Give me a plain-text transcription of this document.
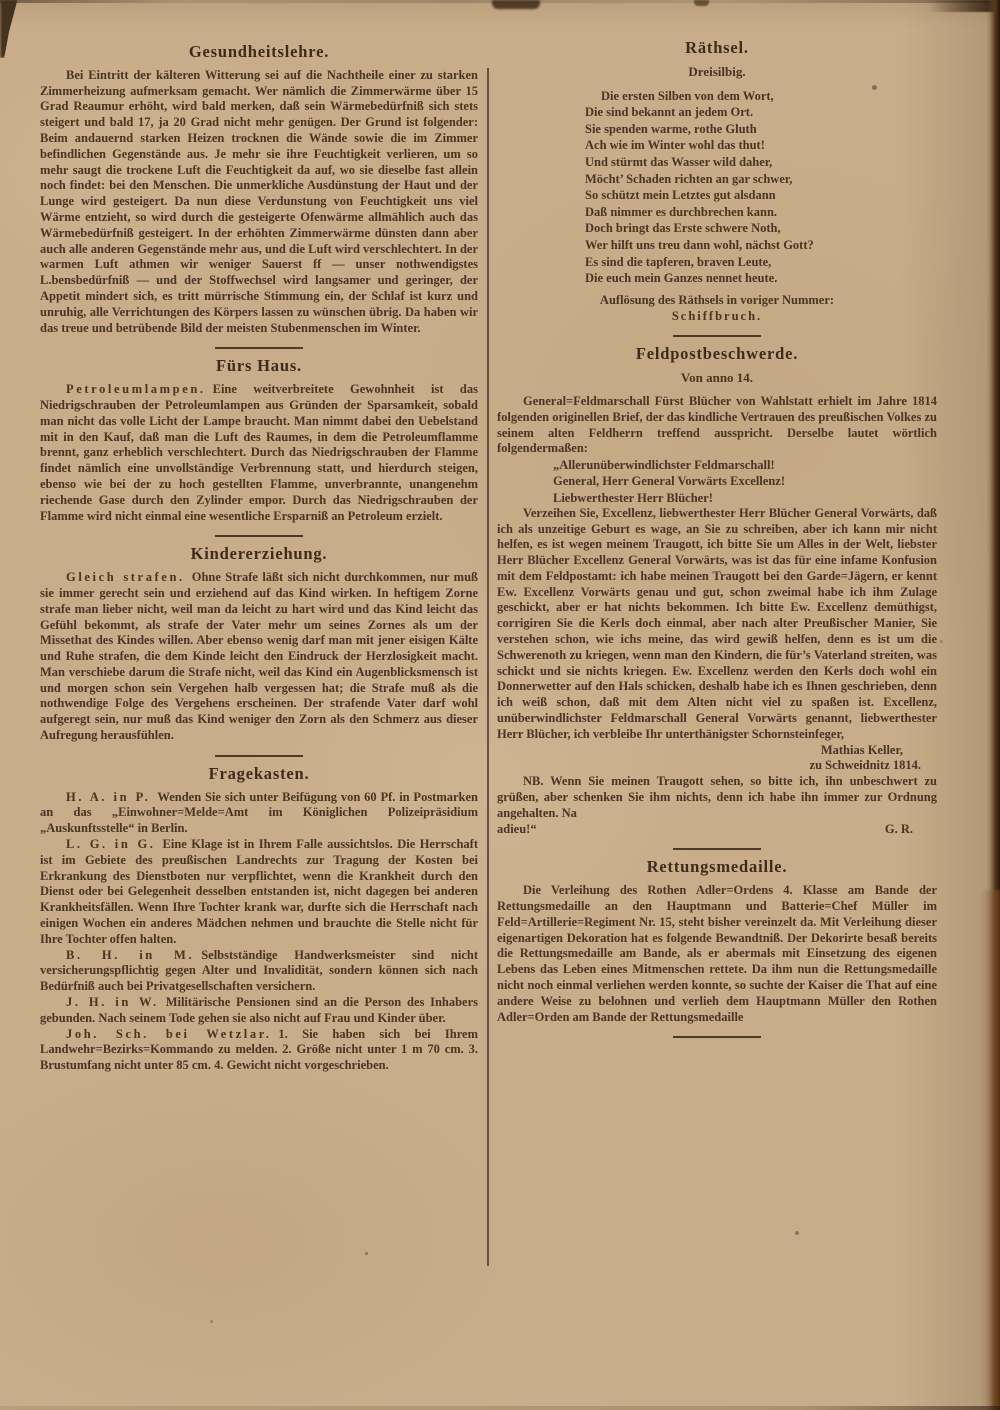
Gesundheitslehre.

Bei Eintritt der kälteren Witterung sei auf die Nachtheile einer zu starken Zimmerheizung aufmerksam gemacht. Wer nämlich die Zimmerwärme über 15 Grad Reaumur erhöht, wird bald merken, daß sein Wärmebedürfniß sich stets steigert und bald 17, ja 20 Grad nicht mehr genügen. Der Grund ist folgender: Beim andauernd starken Heizen trocknen die Wände sowie die im Zimmer befindlichen Gegenstände aus. Je mehr sie ihre Feuchtigkeit verlieren, um so mehr saugt die trockene Luft die Feuchtigkeit da auf, wo sie dieselbe fast allein noch findet: bei den Menschen. Die unmerkliche Ausdünstung der Haut und der Lunge wird gesteigert. Da nun diese Verdunstung von Feuchtigkeit uns viel Wärme entzieht, so wird durch die gesteigerte Ofenwärme allmählich auch das Wärmebedürfniß gesteigert. In der erhöhten Zimmerwärme dünsten dann aber auch alle anderen Gegenstände mehr aus, und die Luft wird verschlechtert. In der warmen Luft athmen wir weniger Sauerst ff — unser nothwendigstes L.bensbedürfniß — und der Stoffwechsel wird langsamer und geringer, der Appetit mindert sich, es tritt mürrische Stimmung ein, der Schlaf ist kurz und unruhig, alle Verrichtungen des Körpers lassen zu wünschen übrig. Da haben wir das treue und betrübende Bild der meisten Stubenmenschen im Winter.

Fürs Haus.

Petroleumlampen. Eine weitverbreitete Gewohnheit ist das Niedrigschrauben der Petroleumlampen aus Gründen der Sparsamkeit, sobald man nicht das volle Licht der Lampe braucht. Man nimmt dabei den Uebelstand mit in den Kauf, daß man die Luft des Raumes, in dem die Petroleumflamme brennt, ganz erheblich verschlechtert. Durch das Niedrigschrauben der Flamme findet nämlich eine unvollständige Verbrennung statt, und hierdurch steigen, ebenso wie bei der zu hoch gestellten Flamme, unverbrannte, unangenehm riechende Gase durch den Zylinder empor. Durch das Niedrigschrauben der Flamme wird nicht einmal eine wesentliche Ersparniß an Petroleum erzielt.

Kindererziehung.

Gleich strafen. Ohne Strafe läßt sich nicht durchkommen, nur muß sie immer gerecht sein und erziehend auf das Kind wirken. In heftigem Zorne strafe man lieber nicht, weil man da leicht zu hart wird und das Kind leicht das Gefühl bekommt, als strafe der Vater mehr um seines Zornes als um der Missethat des Kindes willen. Aber ebenso wenig darf man mit jener eisigen Kälte und Ruhe strafen, die dem Kinde leicht den Eindruck der Herzlosigkeit macht. Man verschiebe darum die Strafe nicht, weil das Kind ein Augenblicksmensch ist und morgen schon sein Vergehen halb vergessen hat; die Strafe muß als die nothwendige Folge des Vergehens erscheinen. Der strafende Vater darf wohl aufgeregt sein, nur muß das Kind weniger den Zorn als den Schmerz aus dieser Aufregung herausfühlen.

Fragekasten.

H. A. in P. Wenden Sie sich unter Beifügung von 60 Pf. in Postmarken an das „Einwohner=Melde=Amt im Königlichen Polizeipräsidium „Auskunftsstelle“ in Berlin.

L. G. in G. Eine Klage ist in Ihrem Falle aussichtslos. Die Herrschaft ist im Gebiete des preußischen Landrechts zur Tragung der Kosten bei Erkrankung des Dienstboten nur verpflichtet, wenn die Krankheit durch den Dienst oder bei Gelegenheit desselben entstanden ist, nicht dagegen bei anderen Krankheitsfällen. Wenn Ihre Tochter krank war, durfte sich die Herrschaft nach einigen Wochen ein anderes Mädchen nehmen und brauchte die Stelle nicht für Ihre Tochter offen halten.

B. H. in M. Selbstständige Handwerksmeister sind nicht versicherungspflichtig gegen Alter und Invalidität, sondern können sich nach Bedürfniß auch bei Privatgesellschaften versichern.

J. H. in W. Militärische Pensionen sind an die Person des Inhabers gebunden. Nach seinem Tode gehen sie also nicht auf Frau und Kinder über.

Joh. Sch. bei Wetzlar. 1. Sie haben sich bei Ihrem Landwehr=Bezirks=Kommando zu melden. 2. Größe nicht unter 1 m 70 cm. 3. Brustumfang nicht unter 85 cm. 4. Gewicht nicht vorgeschrieben.

Räthsel.

Dreisilbig.

Die ersten Silben von dem Wort,
Die sind bekannt an jedem Ort.
Sie spenden warme, rothe Gluth
Ach wie im Winter wohl das thut!
Und stürmt das Wasser wild daher,
Möcht’ Schaden richten an gar schwer,
So schützt mein Letztes gut alsdann
Daß nimmer es durchbrechen kann.
Doch bringt das Erste schwere Noth,
Wer hilft uns treu dann wohl, nächst Gott?
Es sind die tapferen, braven Leute,
Die euch mein Ganzes nennet heute.

Auflösung des Räthsels in voriger Nummer:

Schiffbruch.

Feldpostbeschwerde.

Von anno 14.

General=Feldmarschall Fürst Blücher von Wahlstatt erhielt im Jahre 1814 folgenden originellen Brief, der das kindliche Vertrauen des preußischen Volkes zu seinem alten Feldherrn treffend ausspricht. Derselbe lautet wörtlich folgendermaßen:

„Allerunüberwindlichster Feldmarschall!
General, Herr General Vorwärts Excellenz!
Liebwerthester Herr Blücher!

Verzeihen Sie, Excellenz, liebwerthester Herr Blücher General Vorwärts, daß ich als unzeitige Geburt es wage, an Sie zu schreiben, aber ich kann mir nicht helfen, es ist wegen meinem Traugott, ich bitte Sie um Alles in der Welt, liebster Herr Blücher Excellenz General Vorwärts, was ist das für eine infame Konfusion mit dem Feldpostamt: ich habe meinen Traugott bei den Garde=Jägern, er kennt Ew. Excellenz Vorwärts genau und gut, schon zweimal habe ich ihm Zulage geschickt, aber er hat nichts bekommen. Ich bitte Ew. Excellenz demüthigst, corrigiren Sie die Kerls doch einmal, aber nach alter Preußischer Manier, Sie verstehen schon, wie ichs meine, das wird gewiß helfen, denn es ist um die Schwerenoth zu kriegen, wenn man den Kindern, die für’s Vaterland streiten, was schickt und sie nichts kriegen. Ew. Excellenz werden den Kerls doch wohl ein Donnerwetter auf den Hals schicken, deshalb habe ich es Ihnen geschrieben, denn ich weiß schon, daß mit dem Alten nicht viel zu spaßen ist. Excellenz, unüberwindlichster Feldmarschall General Vorwärts genannt, liebwerthester Herr Blücher, ich verbleibe Ihr unterthänigster Schornsteinfeger,

Mathias Keller,

zu Schweidnitz 1814.

NB. Wenn Sie meinen Traugott sehen, so bitte ich, ihn unbeschwert zu grüßen, aber schenken Sie ihm nichts, denn ich habe ihn immer zur Ordnung angehalten. Na

adieu!“	G. R.
Rettungsmedaille.

Die Verleihung des Rothen Adler=Ordens 4. Klasse am Bande der Rettungsmedaille an den Hauptmann und Batterie=Chef Müller im Feld=Artillerie=Regiment Nr. 15, steht bisher vereinzelt da. Mit Verleihung dieser eigenartigen Dekoration hat es folgende Bewandtniß. Der Dekorirte besaß bereits die Rettungsmedaille am Bande, als er abermals mit Einsetzung des eigenen Lebens das Leben eines Mitmenschen rettete. Da ihm nun die Rettungsmedaille nicht noch einmal verliehen werden konnte, so suchte der Kaiser die That auf eine andere Weise zu belohnen und verlieh dem Hauptmann Müller den Rothen Adler=Orden am Bande der Rettungsmedaille
